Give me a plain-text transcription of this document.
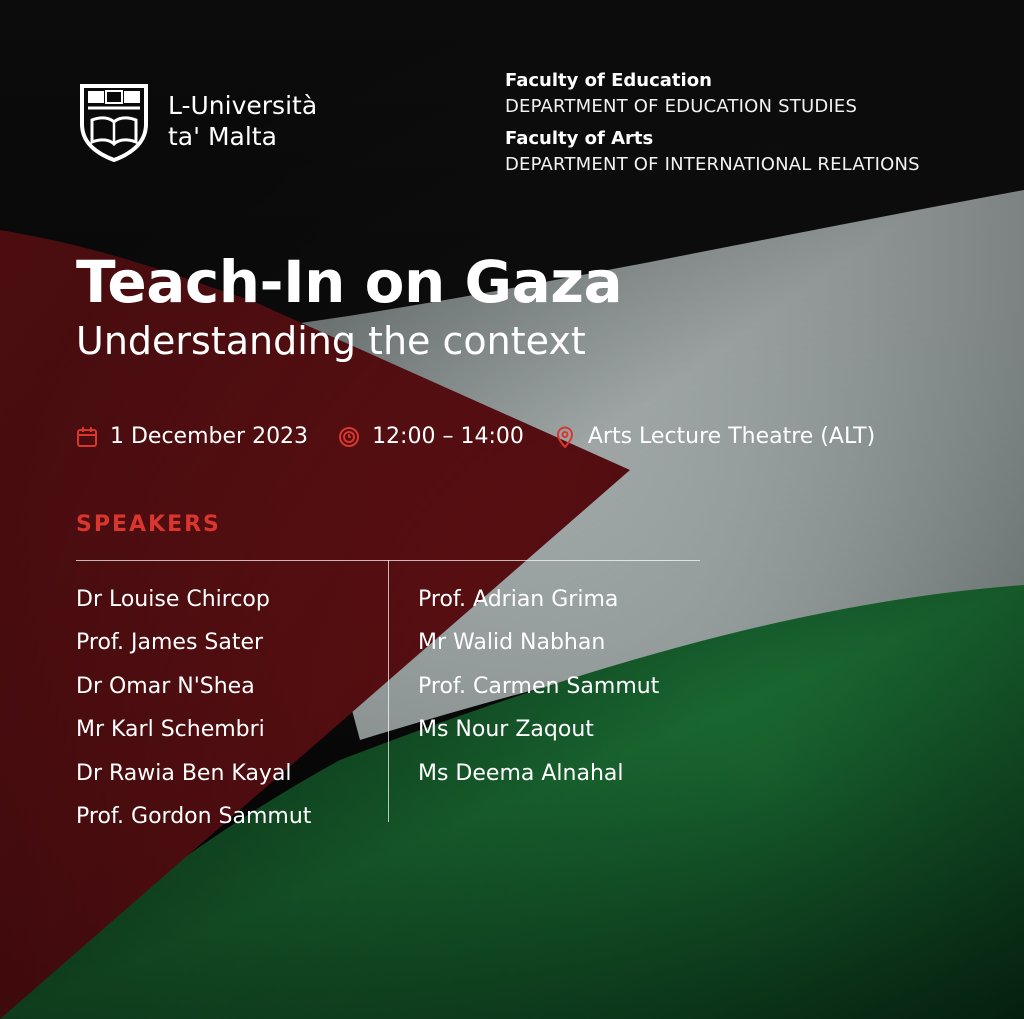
L-Università
ta' Malta
Faculty of Education
DEPARTMENT OF EDUCATION STUDIES
Faculty of Arts
DEPARTMENT OF INTERNATIONAL RELATIONS
Teach-In on Gaza
Understanding the context
1 December 2023	12:00 – 14:00	Arts Lecture Theatre (ALT)
SPEAKERS
Dr Louise Chircop
Prof. James Sater
Dr Omar N'Shea
Mr Karl Schembri
Dr Rawia Ben Kayal
Prof. Gordon Sammut
Prof. Adrian Grima
Mr Walid Nabhan
Prof. Carmen Sammut
Ms Nour Zaqout
Ms Deema Alnahal
